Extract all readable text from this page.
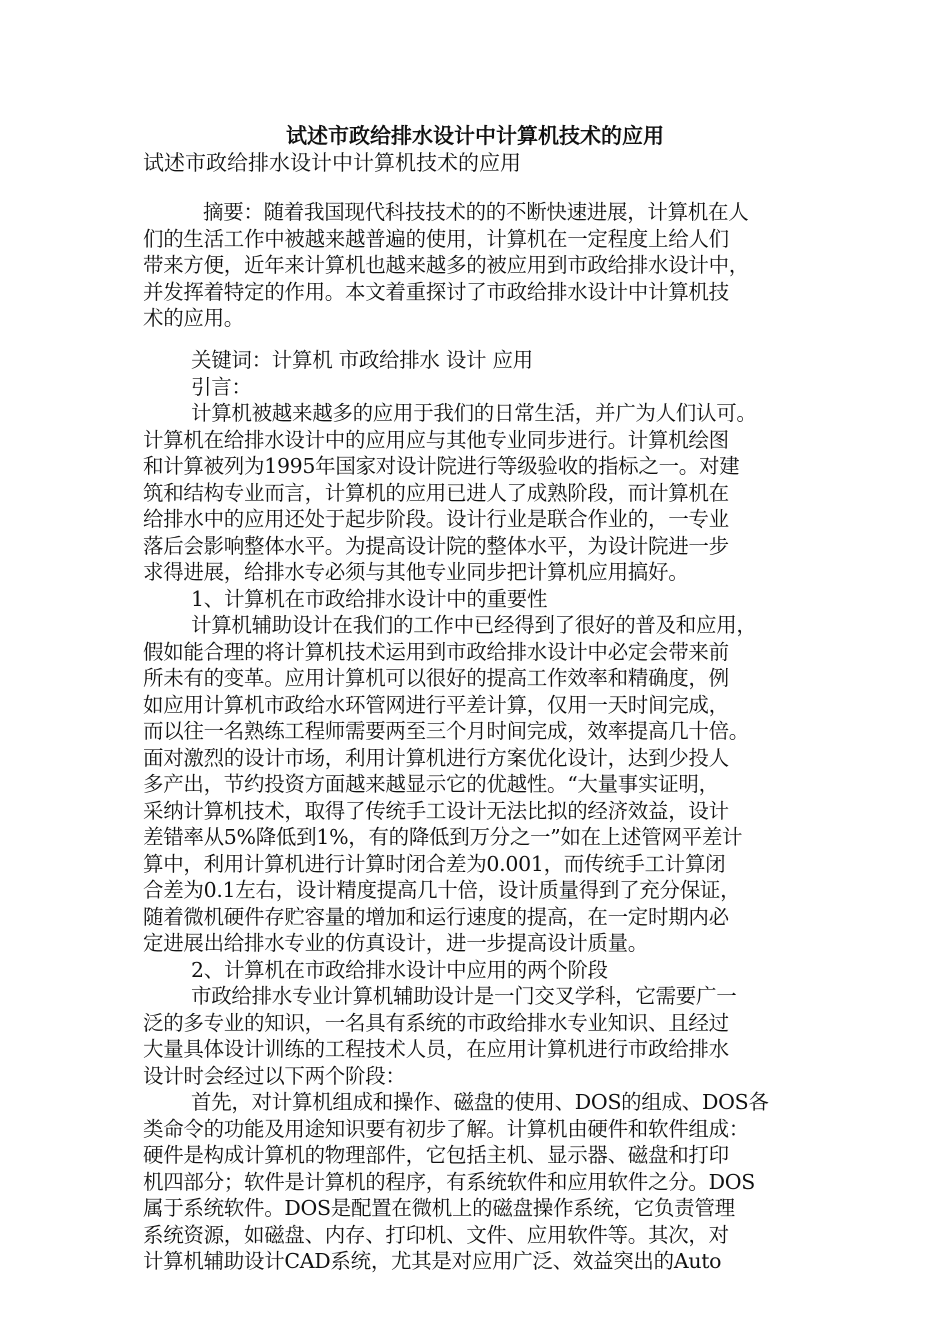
试述市政给排水设计中计算机技术的应用
试述市政给排水设计中计算机技术的应用
摘要：随着我国现代科技技术的的不断快速进展，计算机在人
们的生活工作中被越来越普遍的使用，计算机在一定程度上给人们
带来方便，近年来计算机也越来越多的被应用到市政给排水设计中，
并发挥着特定的作用。本文着重探讨了市政给排水设计中计算机技
术的应用。
关键词：计算机 市政给排水 设计 应用
引言：
计算机被越来越多的应用于我们的日常生活，并广为人们认可。
计算机在给排水设计中的应用应与其他专业同步进行。计算机绘图
和计算被列为1995年国家对设计院进行等级验收的指标之一。对建
筑和结构专业而言，计算机的应用已进人了成熟阶段，而计算机在
给排水中的应用还处于起步阶段。设计行业是联合作业的，一专业
落后会影响整体水平。为提高设计院的整体水平，为设计院进一步
求得进展，给排水专必须与其他专业同步把计算机应用搞好。
1、计算机在市政给排水设计中的重要性
计算机辅助设计在我们的工作中已经得到了很好的普及和应用，
假如能合理的将计算机技术运用到市政给排水设计中必定会带来前
所未有的变革。应用计算机可以很好的提高工作效率和精确度，例
如应用计算机市政给水环管网进行平差计算，仅用一天时间完成，
而以往一名熟练工程师需要两至三个月时间完成，效率提高几十倍。
面对激烈的设计市场，利用计算机进行方案优化设计，达到少投人
多产出，节约投资方面越来越显示它的优越性。“大量事实证明，
采纳计算机技术，取得了传统手工设计无法比拟的经济效益，设计
差错率从5%降低到1%，有的降低到万分之一”如在上述管网平差计
算中，利用计算机进行计算时闭合差为0.001，而传统手工计算闭
合差为0.1左右，设计精度提高几十倍，设计质量得到了充分保证，
随着微机硬件存贮容量的增加和运行速度的提高，在一定时期内必
定进展出给排水专业的仿真设计，进一步提高设计质量。
2、计算机在市政给排水设计中应用的两个阶段
市政给排水专业计算机辅助设计是一门交叉学科，它需要广一
泛的多专业的知识，一名具有系统的市政给排水专业知识、且经过
大量具体设计训练的工程技术人员，在应用计算机进行市政给排水
设计时会经过以下两个阶段：
首先，对计算机组成和操作、磁盘的使用、DOS的组成、DOS各
类命令的功能及用途知识要有初步了解。计算机由硬件和软件组成：
硬件是构成计算机的物理部件，它包括主机、显示器、磁盘和打印
机四部分；软件是计算机的程序，有系统软件和应用软件之分。DOS
属于系统软件。DOS是配置在微机上的磁盘操作系统，它负责管理
系统资源，如磁盘、内存、打印机、文件、应用软件等。其次，对
计算机辅助设计CAD系统，尤其是对应用广泛、效益突出的Auto
